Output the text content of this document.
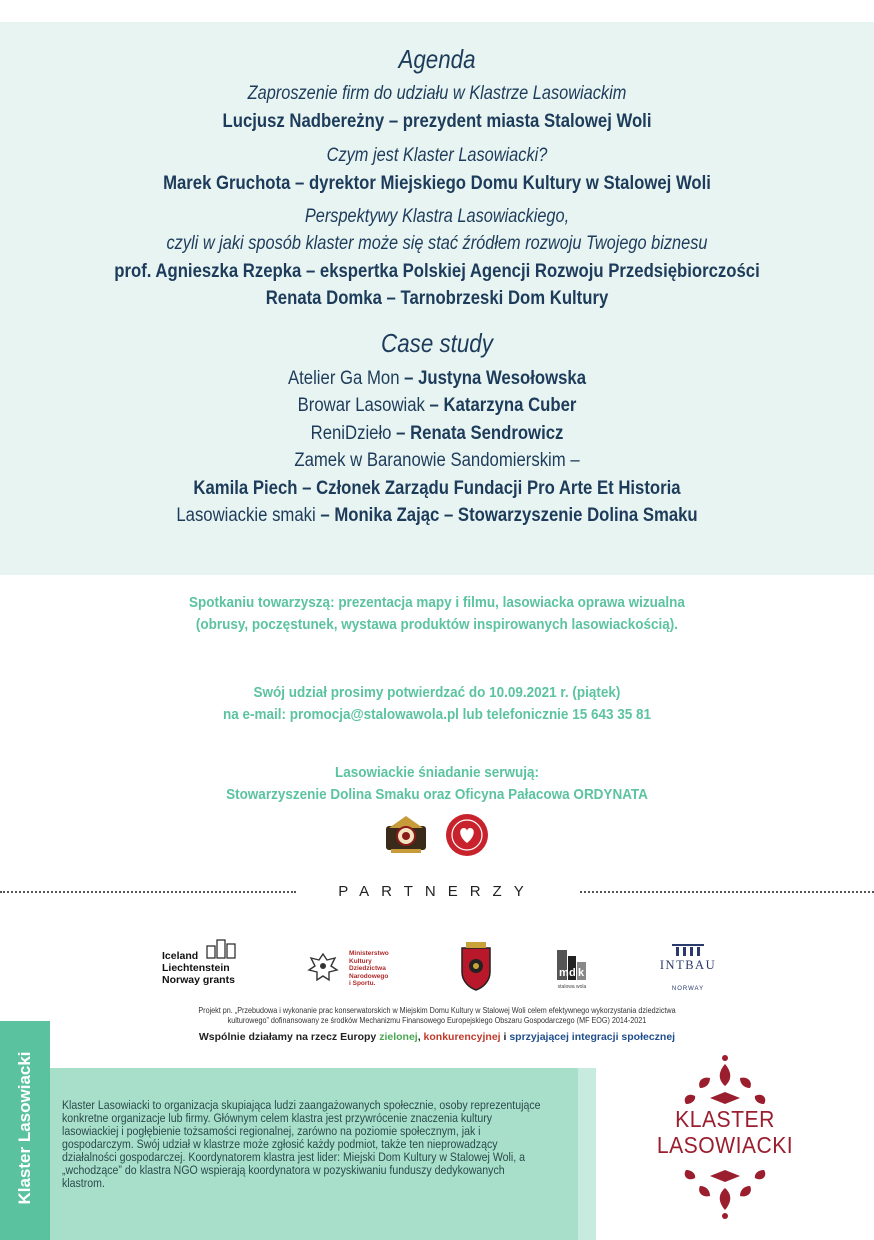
Agenda
Zaproszenie firm do udziału w Klastrze Lasowiackim
Lucjusz Nadbereżny – prezydent miasta Stalowej Woli
Czym jest Klaster Lasowiacki?
Marek Gruchota – dyrektor Miejskiego Domu Kultury w Stalowej Woli
Perspektywy Klastra Lasowiackiego,
czyli w jaki sposób klaster może się stać źródłem rozwoju Twojego biznesu
prof. Agnieszka Rzepka – ekspertka Polskiej Agencji Rozwoju Przedsiębiorczości
Renata Domka – Tarnobrzeski Dom Kultury
Case study
Atelier Ga Mon – Justyna Wesołowska
Browar Lasowiak – Katarzyna Cuber
ReniDzieło – Renata Sendrowicz
Zamek w Baranowie Sandomierskim –
Kamila Piech – Członek Zarządu Fundacji Pro Arte Et Historia
Lasowiackie smaki – Monika Zając – Stowarzyszenie Dolina Smaku
Spotkaniu towarzyszą: prezentacja mapy i filmu, lasowiacka oprawa wizualna
(obrusy, poczęstunek, wystawa produktów inspirowanych lasowiackością).
Swój udział prosimy potwierdzać do 10.09.2021 r. (piątek)
na e-mail: promocja@stalowawola.pl lub telefonicznie 15 643 35 81
Lasowiackie śniadanie serwują:
Stowarzyszenie Dolina Smaku oraz Oficyna Pałacowa ORDYNATA
PARTNERZY
Iceland
Liechtenstein
Norway grants
Ministerstwo
Kultury
Dziedzictwa
Narodowego
i Sportu.
m d k
stalowa wola
INTBAU
NORWAY
Projekt pn. „Przebudowa i wykonanie prac konserwatorskich w Miejskim Domu Kultury w Stalowej Woli celem efektywnego wykorzystania dziedzictwa
kulturowego” dofinansowany ze środków Mechanizmu Finansowego Europejskiego Obszaru Gospodarczego (MF EOG) 2014-2021
Wspólnie działamy na rzecz Europy zielonej, konkurencyjnej i sprzyjającej integracji społecznej
Klaster Lasowiacki Klaster Lasowiacki to organizacja skupiająca ludzi zaangażowanych społecznie, osoby reprezentujące konkretne organizacje lub firmy. Głównym celem klastra jest przywrócenie znaczenia kultury lasowiackiej i pogłębienie tożsamości regionalnej, zarówno na poziomie społecznym, jak i gospodarczym. Swój udział w klastrze może zgłosić każdy podmiot, także ten nieprowadzący działalności gospodarczej. Koordynatorem klastra jest lider: Miejski Dom Kultury w Stalowej Woli, a „wchodzące” do klastra NGO wspierają koordynatora w pozyskiwaniu funduszy dedykowanych klastrom.
KLASTER
LASOWIACKI
